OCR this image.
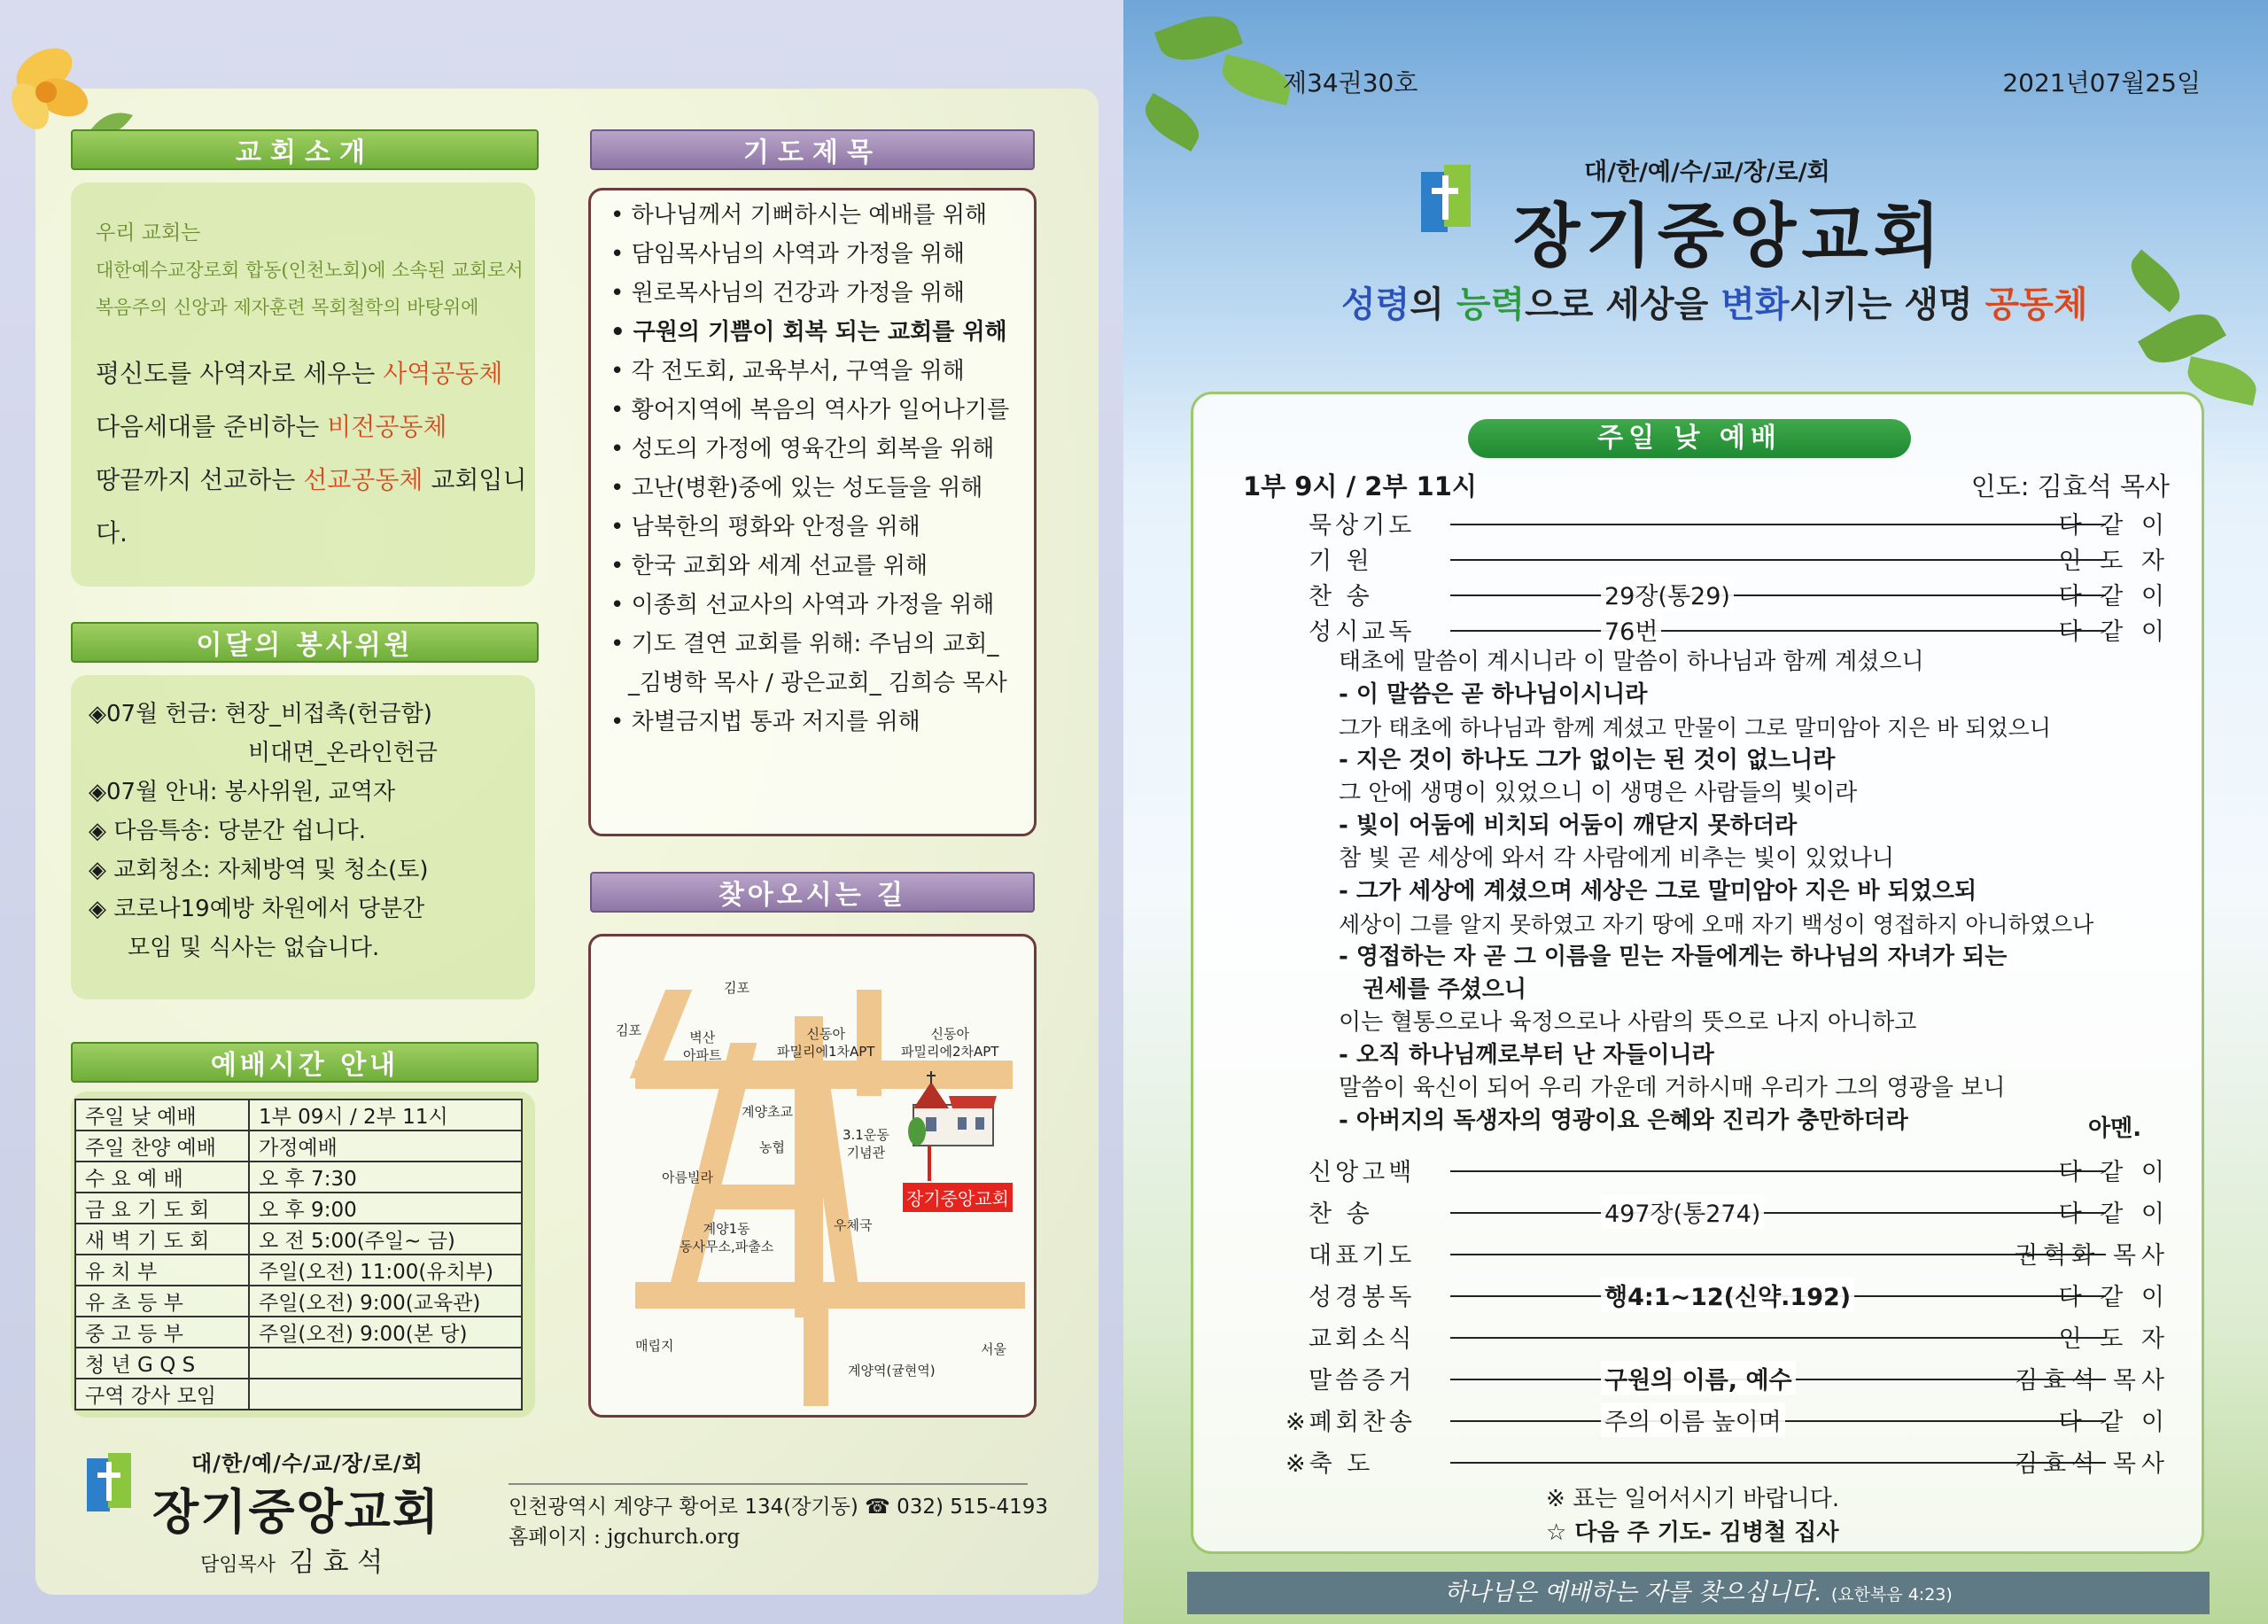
교회소개
우리 교회는
대한예수교장로회 합동(인천노회)에 소속된 교회로서
복음주의 신앙과 제자훈련 목회철학의 바탕위에
평신도를 사역자로 세우는 사역공동체
다음세대를 준비하는 비전공동체
땅끝까지 선교하는 선교공동체 교회입니다.
이달의 봉사위원
◈07월 헌금: 현장_비접촉(헌금함)
비대면_온라인헌금
◈07월 안내: 봉사위원, 교역자
◈ 다음특송: 당분간 쉽니다.
◈ 교회청소: 자체방역 및 청소(토)
◈ 코로나19예방 차원에서 당분간
모임 및 식사는 없습니다.
예배시간 안내
주일 낮 예배	1부 09시 / 2부 11시
주일 찬양 예배	가정예배
수 요 예 배	오 후 7:30
금 요 기 도 회	오 후 9:00
새 벽 기 도 회	오 전 5:00(주일~ 금)
유 치 부	주일(오전) 11:00(유치부)
유 초 등 부	주일(오전) 9:00(교육관)
중 고 등 부	주일(오전) 9:00(본 당)
청 년 G Q S	
구역 강사 모임	
기도제목
• 하나님께서 기뻐하시는 예배를 위해
• 담임목사님의 사역과 가정을 위해
• 원로목사님의 건강과 가정을 위해
• 구원의 기쁨이 회복 되는 교회를 위해
• 각 전도회, 교육부서, 구역을 위해
• 황어지역에 복음의 역사가 일어나기를
• 성도의 가정에 영육간의 회복을 위해
• 고난(병환)중에 있는 성도들을 위해
• 남북한의 평화와 안정을 위해
• 한국 교회와 세계 선교를 위해
• 이종희 선교사의 사역과 가정을 위해
• 기도 결연 교회를 위해: 주님의 교회_
_김병학 목사 / 광은교회_ 김희승 목사
• 차별금지법 통과 저지를 위해
찾아오시는 길
김포
김포	벽산
아파트
신동아
파밀리에1차APT
신동아
파밀리에2차APT
계양초교
농협
3.1운동
기념관
아름빌라
계양1동
동사무소,파출소
우체국
매립지
계양역(귤현역)
서울
장기중앙교회
대/한/예/수/교/장/로/회
장기중앙교회
담임목사 김 효 석
인천광역시 계양구 황어로 134(장기동) ☎ 032) 515-4193
홈페이지 : jgchurch.org
제34권30호	2021년07월25일
대/한/예/수/교/장/로/회
장기중앙교회
성령의 능력으로 세상을 변화시키는 생명 공동체
주일 낮 예배
1부 9시 / 2부 11시	인도: 김효석 목사
묵상기도	다 같 이
기 원	인 도 자
찬 송	29장(통29)	다 같 이
성시교독	76번	다 같 이
태초에 말씀이 계시니라 이 말씀이 하나님과 함께 계셨으니
- 이 말씀은 곧 하나님이시니라
그가 태초에 하나님과 함께 계셨고 만물이 그로 말미암아 지은 바 되었으니
- 지은 것이 하나도 그가 없이는 된 것이 없느니라
그 안에 생명이 있었으니 이 생명은 사람들의 빛이라
- 빛이 어둠에 비치되 어둠이 깨닫지 못하더라
참 빛 곧 세상에 와서 각 사람에게 비추는 빛이 있었나니
- 그가 세상에 계셨으며 세상은 그로 말미암아 지은 바 되었으되
세상이 그를 알지 못하였고 자기 땅에 오매 자기 백성이 영접하지 아니하였으나
- 영접하는 자 곧 그 이름을 믿는 자들에게는 하나님의 자녀가 되는
권세를 주셨으니
이는 혈통으로나 육정으로나 사람의 뜻으로 나지 아니하고
- 오직 하나님께로부터 난 자들이니라
말씀이 육신이 되어 우리 가운데 거하시매 우리가 그의 영광을 보니
- 아버지의 독생자의 영광이요 은혜와 진리가 충만하더라	아멘.
신앙고백	다 같 이
찬 송	497장(통274)	다 같 이
대표기도	권혁화 목사
성경봉독	행4:1~12(신약.192)	다 같 이
교회소식	인 도 자
말씀증거	구원의 이름, 예수	김효석 목사
※폐회찬송	주의 이름 높이며	다 같 이
※축 도	김효석 목사
※ 표는 일어서시기 바랍니다.
☆ 다음 주 기도- 김병철 집사
하나님은 예배하는 자를 찾으십니다. (요한복음 4:23)
